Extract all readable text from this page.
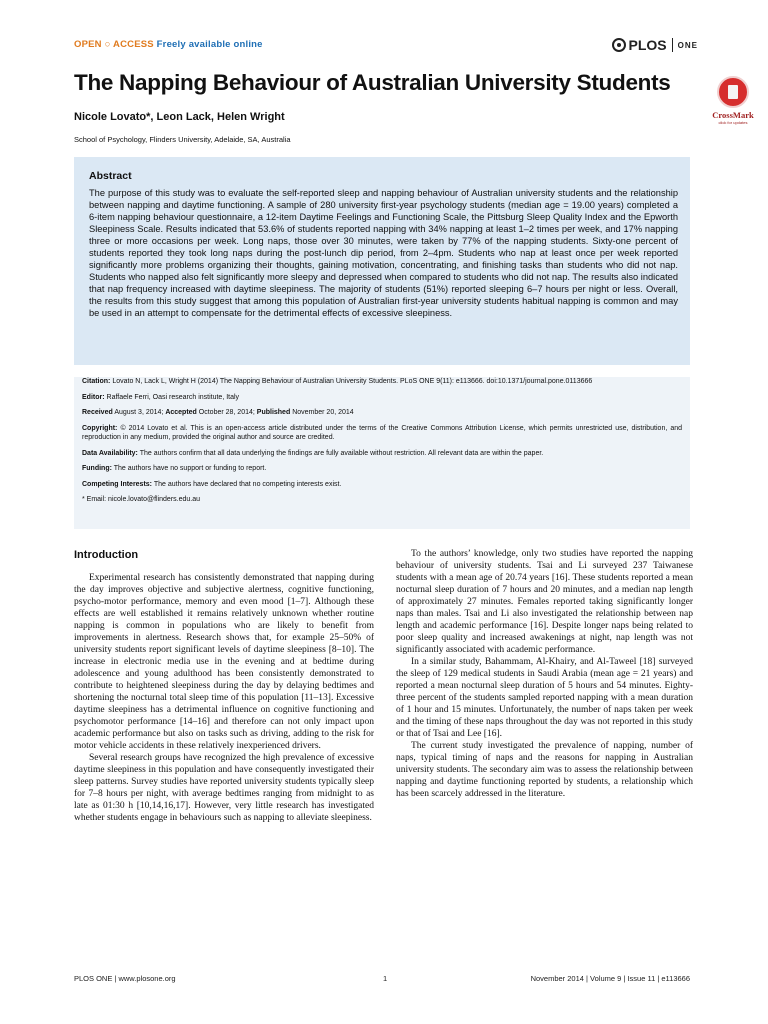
OPEN ○ ACCESS Freely available online	PLOS ONE
The Napping Behaviour of Australian University Students
CrossMark
click for updates
Nicole Lovato*, Leon Lack, Helen Wright
School of Psychology, Flinders University, Adelaide, SA, Australia
Abstract

The purpose of this study was to evaluate the self-reported sleep and napping behaviour of Australian university students and the relationship between napping and daytime functioning. A sample of 280 university first-year psychology students (median age = 19.00 years) completed a 6-item napping behaviour questionnaire, a 12-item Daytime Feelings and Functioning Scale, the Pittsburg Sleep Quality Index and the Epworth Sleepiness Scale. Results indicated that 53.6% of students reported napping with 34% napping at least 1–2 times per week, and 17% napping three or more occasions per week. Long naps, those over 30 minutes, were taken by 77% of the napping students. Sixty-one percent of students reported they took long naps during the post-lunch dip period, from 2–4pm. Students who nap at least once per week reported significantly more problems organizing their thoughts, gaining motivation, concentrating, and finishing tasks than students who did not nap. Students who napped also felt significantly more sleepy and depressed when compared to students who did not nap. The results also indicated that nap frequency increased with daytime sleepiness. The majority of students (51%) reported sleeping 6–7 hours per night or less. Overall, the results from this study suggest that among this population of Australian first-year university students habitual napping is common and may be used in an attempt to compensate for the detrimental effects of excessive sleepiness.

Citation: Lovato N, Lack L, Wright H (2014) The Napping Behaviour of Australian University Students. PLoS ONE 9(11): e113666. doi:10.1371/journal.pone.0113666

Editor: Raffaele Ferri, Oasi research institute, Italy

Received August 3, 2014; Accepted October 28, 2014; Published November 20, 2014

Copyright: © 2014 Lovato et al. This is an open-access article distributed under the terms of the Creative Commons Attribution License, which permits unrestricted use, distribution, and reproduction in any medium, provided the original author and source are credited.

Data Availability: The authors confirm that all data underlying the findings are fully available without restriction. All relevant data are within the paper.

Funding: The authors have no support or funding to report.

Competing Interests: The authors have declared that no competing interests exist.

* Email: nicole.lovato@flinders.edu.au

Introduction

Experimental research has consistently demonstrated that napping during the day improves objective and subjective alertness, cognitive functioning, psycho-motor performance, memory and even mood [1–7]. Although these effects are well established it remains relatively unknown whether routine napping is common in populations who are likely to benefit from improvements in alertness. Research shows that, for example 25–50% of university students report significant levels of daytime sleepiness [8–10]. The increase in electronic media use in the evening and at bedtime during adolescence and young adulthood has been consistently demonstrated to contribute to heightened sleepiness during the day by delaying bedtimes and shortening the nocturnal total sleep time of this population [11–13]. Excessive daytime sleepiness has a detrimental influence on cognitive functioning and psychomotor performance [14–16] and therefore can not only impact upon academic performance but also on tasks such as driving, adding to the risk for motor vehicle accidents in these relatively inexperienced drivers.

Several research groups have recognized the high prevalence of excessive daytime sleepiness in this population and have consequently investigated their sleep patterns. Survey studies have reported university students typically sleep for 7–8 hours per night, with average bedtimes ranging from midnight to as late as 01:30 h [10,14,16,17]. However, very little research has investigated whether students engage in behaviours such as napping to alleviate sleepiness.

To the authors’ knowledge, only two studies have reported the napping behaviour of university students. Tsai and Li surveyed 237 Taiwanese students with a mean age of 20.74 years [16]. These students reported a mean nocturnal sleep duration of 7 hours and 20 minutes, and a median nap length of approximately 27 minutes. Females reported taking significantly longer naps than males. Tsai and Li also investigated the relationship between nap length and academic performance [16]. Despite longer naps being related to poor sleep quality and increased awakenings at night, nap length was not significantly associated with academic performance.

In a similar study, Bahammam, Al-Khairy, and Al-Taweel [18] surveyed the sleep of 129 medical students in Saudi Arabia (mean age = 21 years) and reported a mean nocturnal sleep duration of 5 hours and 54 minutes. Eighty-three percent of the students sampled reported napping with a mean duration of 1 hour and 15 minutes. Unfortunately, the number of naps taken per week and the timing of these naps throughout the day was not reported in this study or that of Tsai and Lee [16].

The current study investigated the prevalence of napping, number of naps, typical timing of naps and the reasons for napping in Australian university students. The secondary aim was to assess the relationship between napping and daytime functioning reported by students, a relationship which has been scarcely addressed in the literature.

PLOS ONE | www.plosone.org	1	November 2014 | Volume 9 | Issue 11 | e113666
